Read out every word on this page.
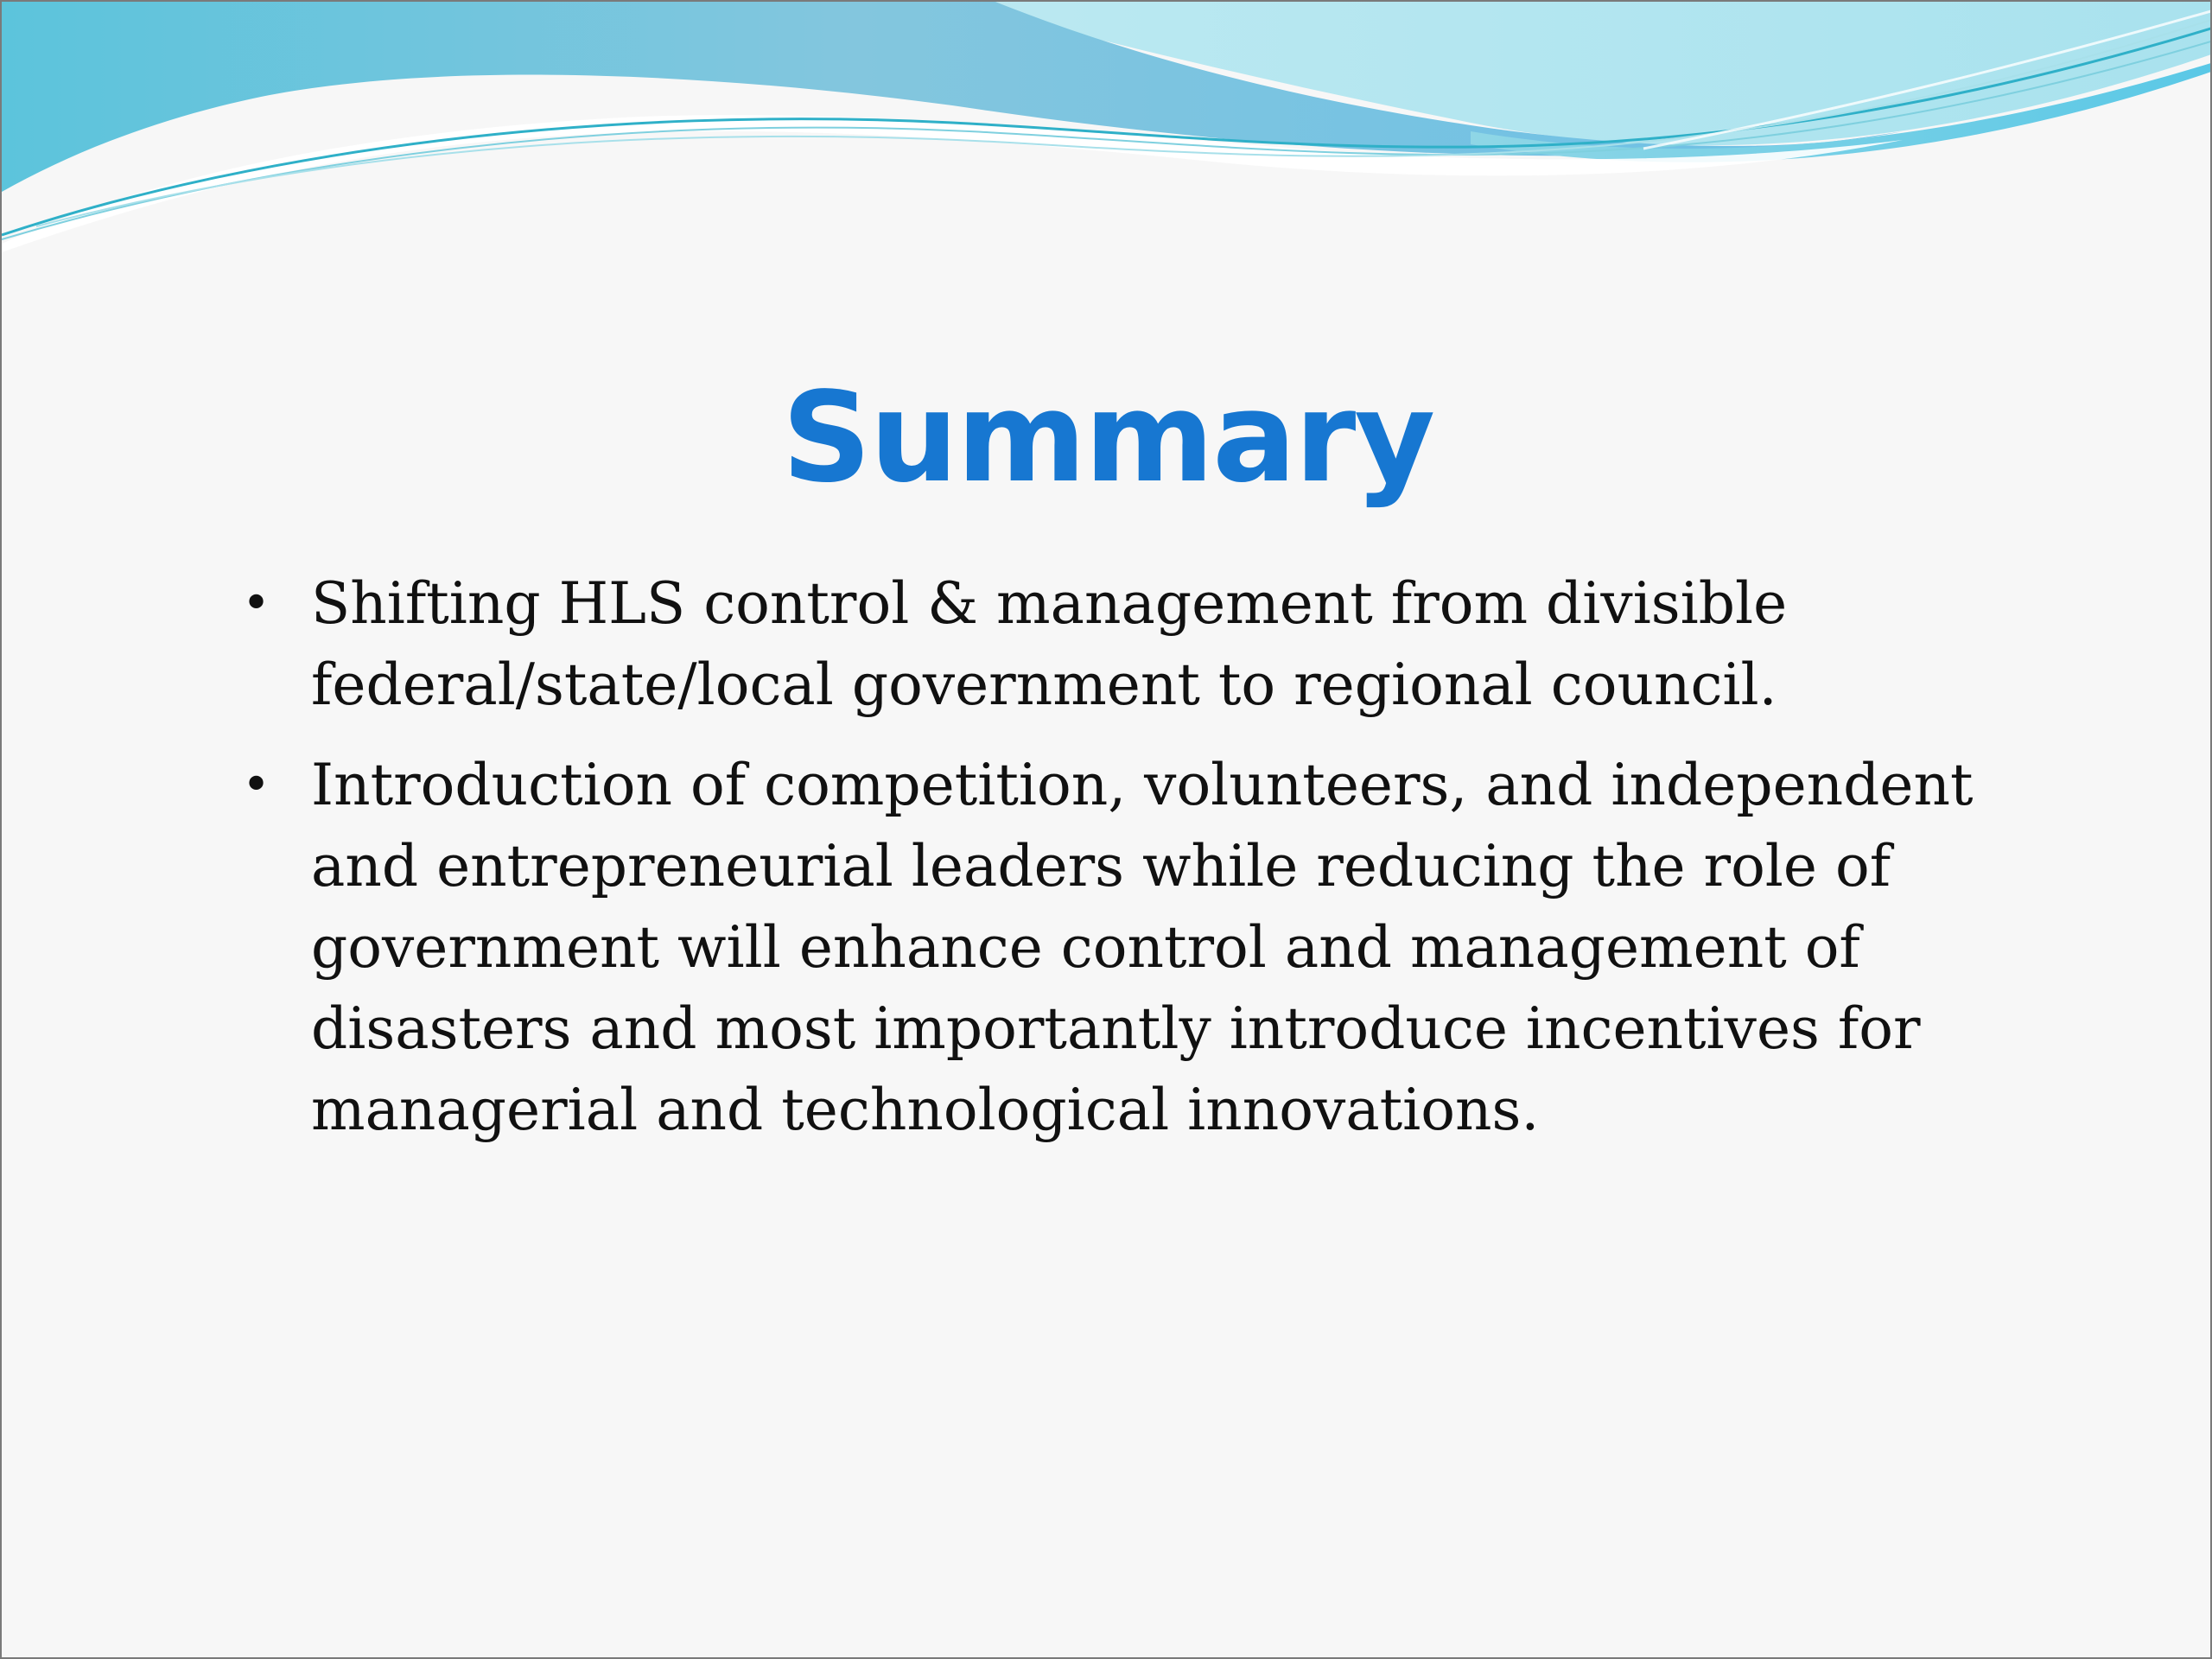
Summary
• Shifting HLS control & management from divisible federal/state/local government to regional council.
• Introduction of competition, volunteers, and independent and entrepreneurial leaders while reducing the role of government will enhance control and management of disasters and most importantly introduce incentives for managerial and technological innovations.
